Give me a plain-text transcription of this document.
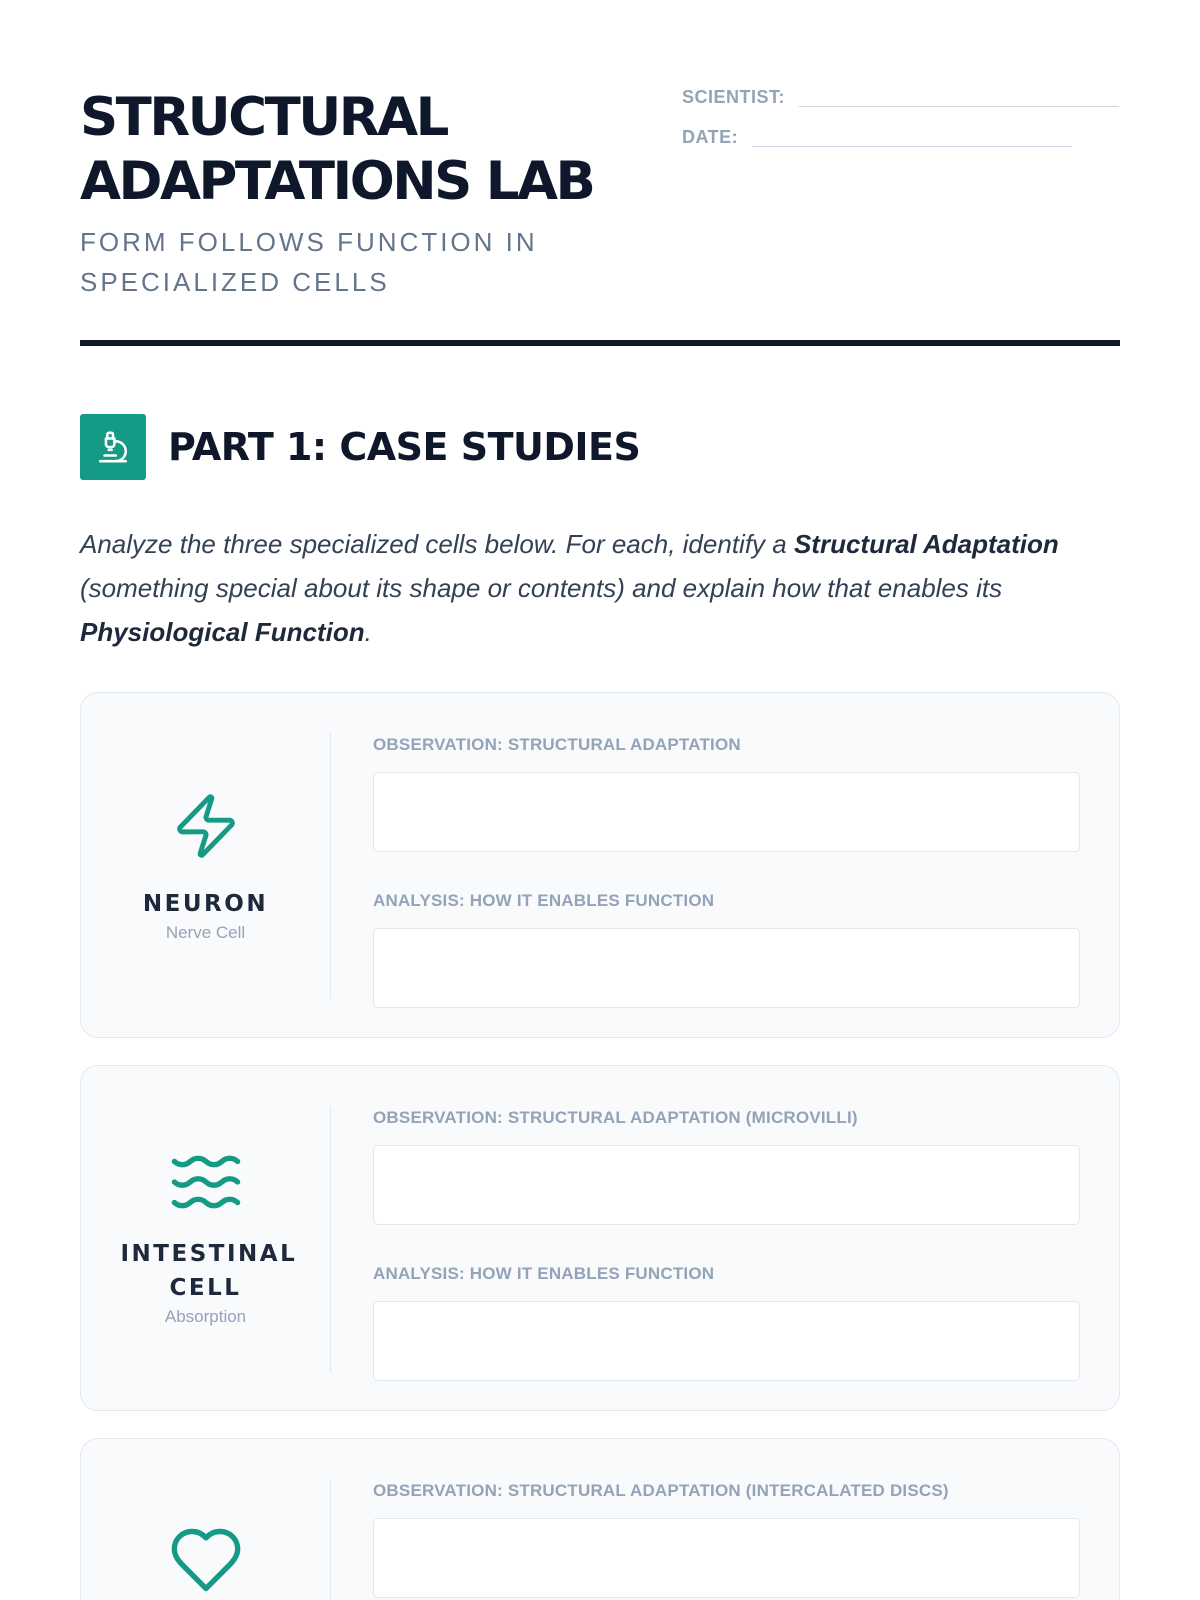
STRUCTURAL
ADAPTATIONS LAB
FORM FOLLOWS FUNCTION IN SPECIALIZED CELLS
SCIENTIST:
DATE:
PART 1: CASE STUDIES

Analyze the three specialized cells below. For each, identify a Structural Adaptation (something special about its shape or contents) and explain how that enables its Physiological Function.

NEURON
Nerve Cell
OBSERVATION: STRUCTURAL ADAPTATION
ANALYSIS: HOW IT ENABLES FUNCTION
INTESTINAL CELL
Absorption
OBSERVATION: STRUCTURAL ADAPTATION (MICROVILLI)
ANALYSIS: HOW IT ENABLES FUNCTION
OBSERVATION: STRUCTURAL ADAPTATION (INTERCALATED DISCS)
